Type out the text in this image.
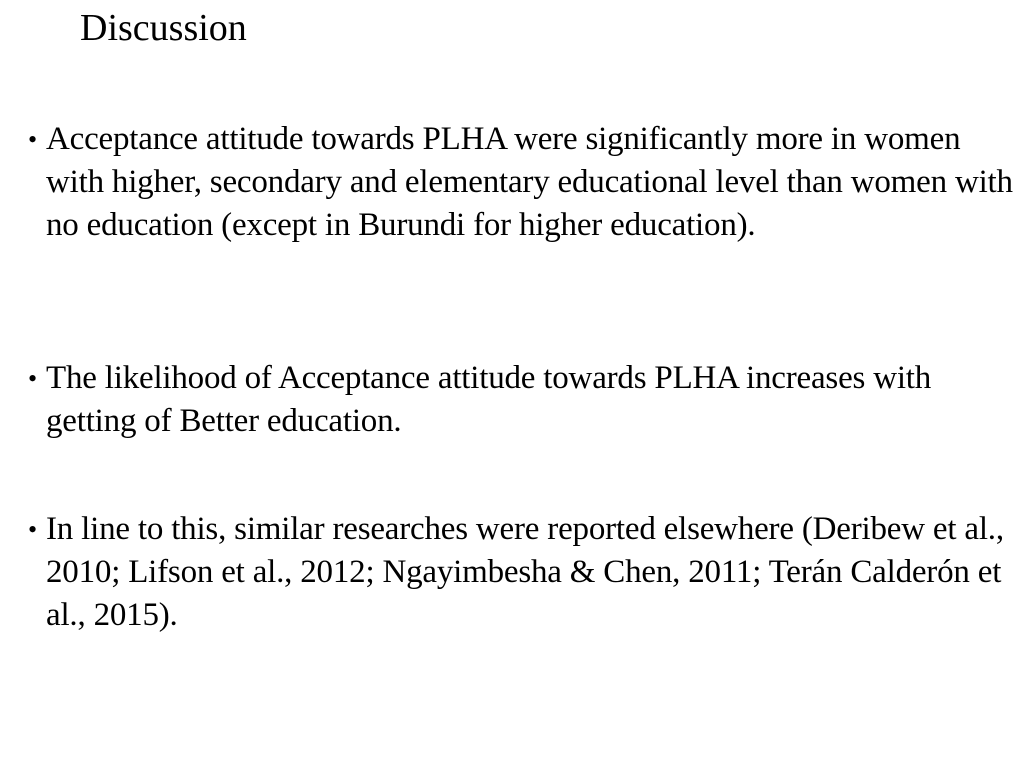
Discussion
• Acceptance attitude towards PLHA were significantly more in women with higher, secondary and elementary educational level than women with no education (except in Burundi for higher education).
• The likelihood of Acceptance attitude towards PLHA increases with getting of Better education.
• In line to this, similar researches were reported elsewhere (Deribew et al., 2010; Lifson et al., 2012; Ngayimbesha & Chen, 2011; Terán Calderón et al., 2015).
